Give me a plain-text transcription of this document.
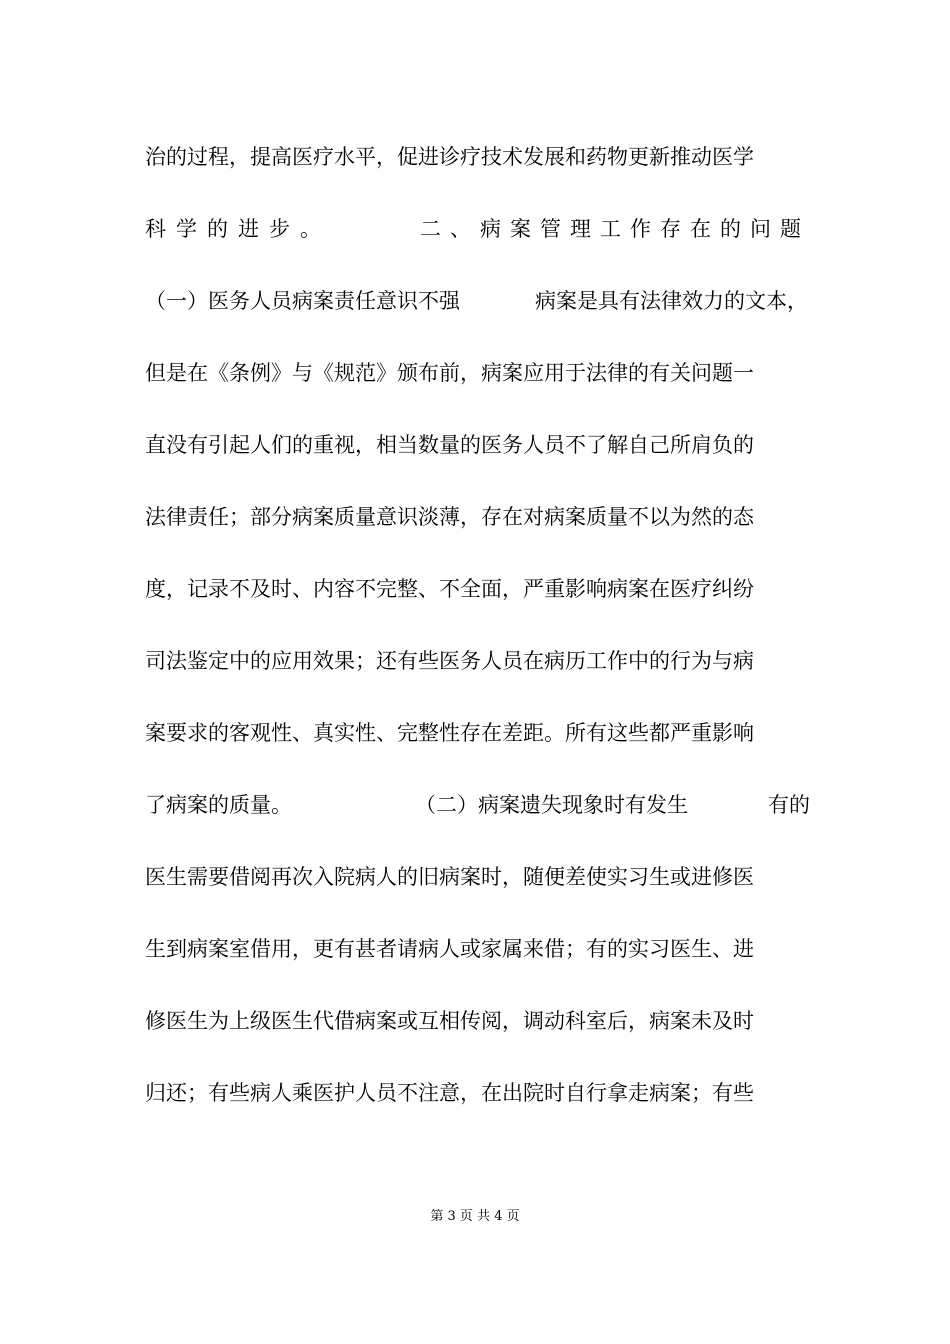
治的过程，提高医疗水平，促进诊疗技术发展和药物更新推动医学
科学的进步。	二、病案管理工作存在的问题
（一）医务人员病案责任意识不强	病案是具有法律效力的文本，
但是在《条例》与《规范》颁布前，病案应用于法律的有关问题一
直没有引起人们的重视，相当数量的医务人员不了解自己所肩负的
法律责任；部分病案质量意识淡薄，存在对病案质量不以为然的态
度，记录不及时、内容不完整、不全面，严重影响病案在医疗纠纷
司法鉴定中的应用效果；还有些医务人员在病历工作中的行为与病
案要求的客观性、真实性、完整性存在差距。所有这些都严重影响
了病案的质量。	（二）病案遗失现象时有发生	有的
医生需要借阅再次入院病人的旧病案时，随便差使实习生或进修医
生到病案室借用，更有甚者请病人或家属来借；有的实习医生、进
修医生为上级医生代借病案或互相传阅，调动科室后，病案未及时
归还；有些病人乘医护人员不注意，在出院时自行拿走病案；有些
第 3 页 共 4 页
